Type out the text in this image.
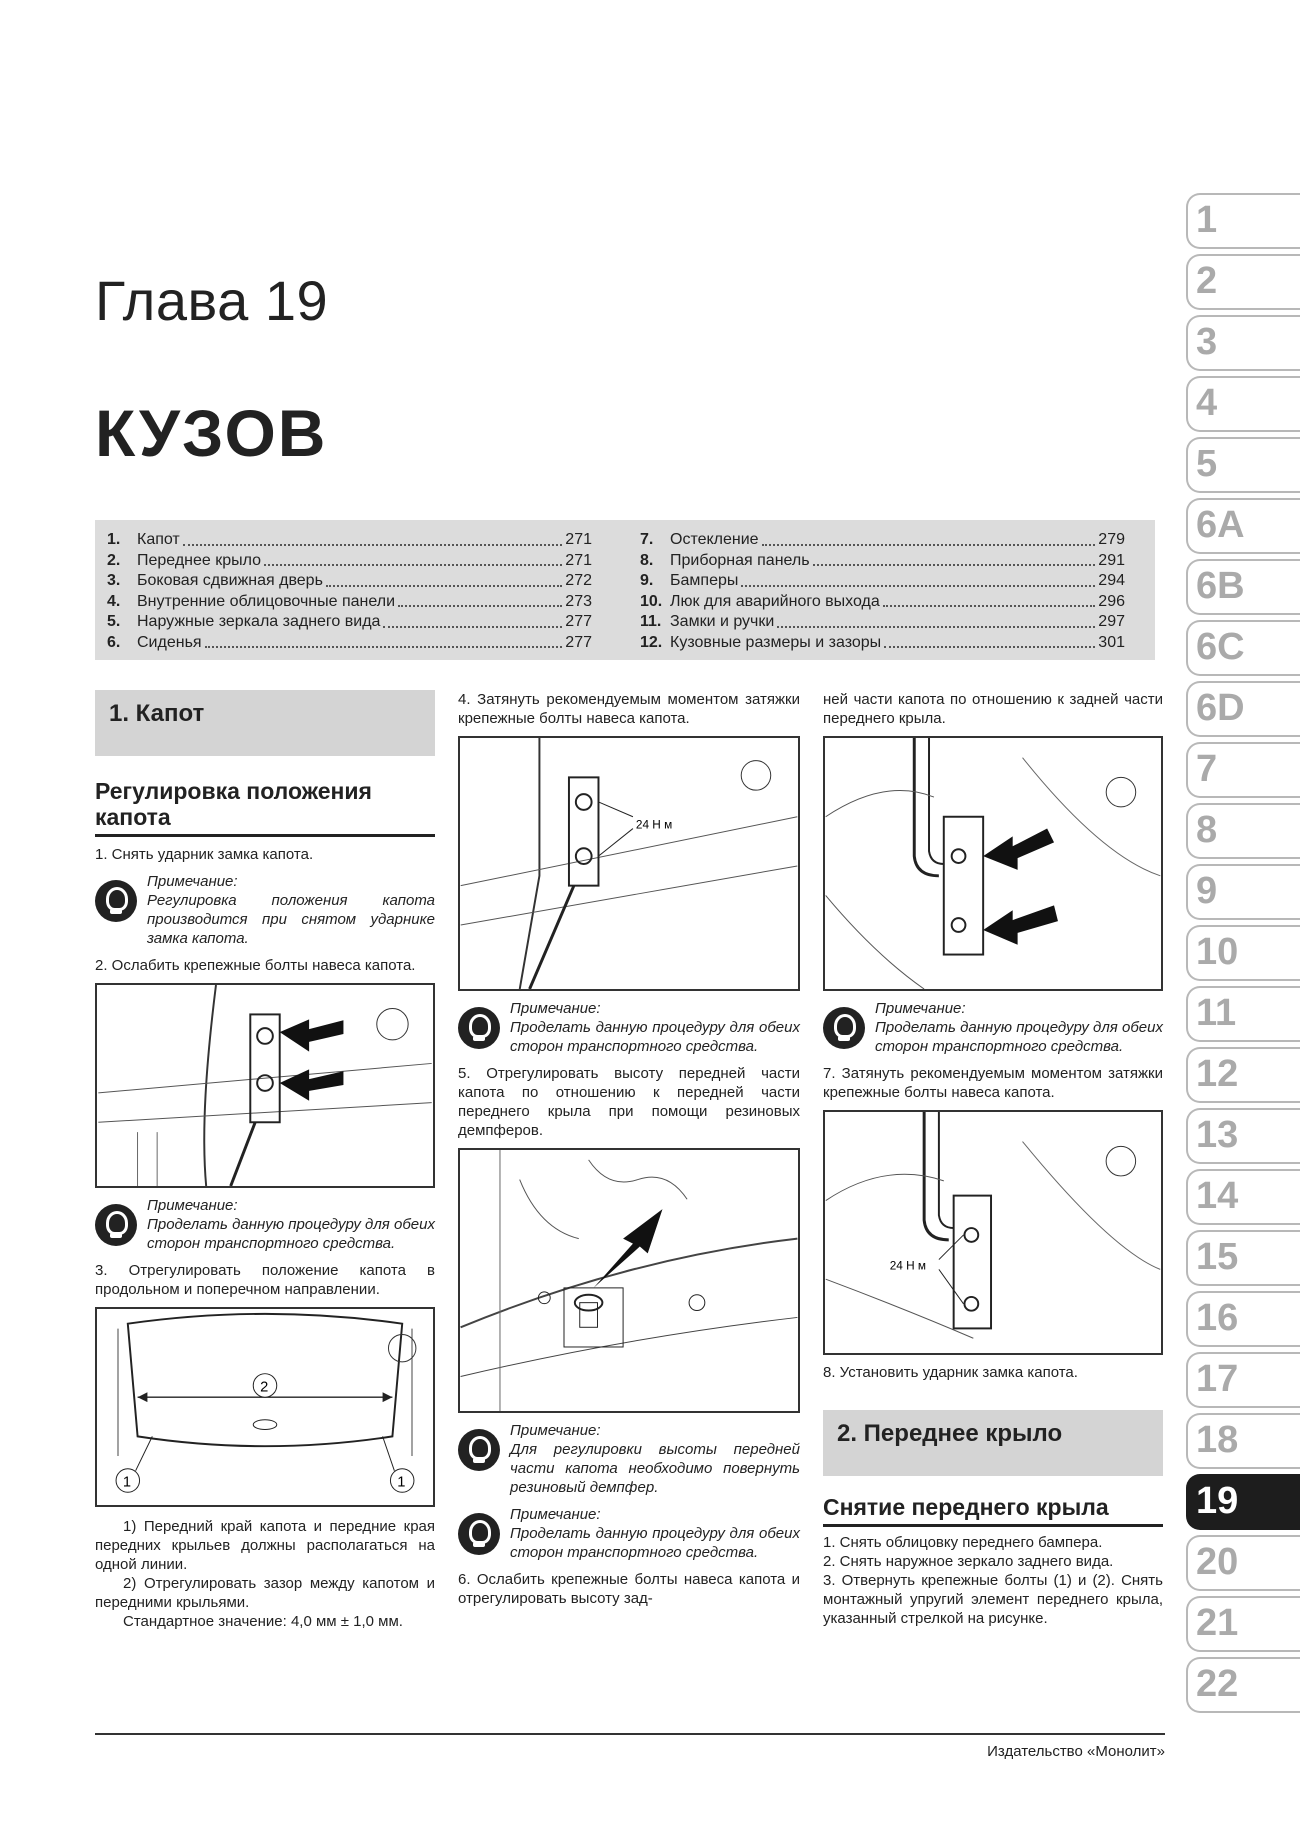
Глава 19
КУЗОВ
1.	Капот	271
2.	Переднее крыло	271
3.	Боковая сдвижная дверь	272
4.	Внутренние облицовочные панели	273
5.	Наружные зеркала заднего вида	277
6.	Сиденья	277
7.	Остекление	279
8.	Приборная панель	291
9.	Бамперы	294
10. Люк для аварийного выхода	296
11. Замки и ручки	297
12. Кузовные размеры и зазоры	301
1
2
3
4
5
6A
6B
6C
6D
7
8
9
10
11
12
13
14
15
16
17
18
19
20
21
22
1. Капот
Регулировка положения капота
1. Снять ударник замка капота.
Примечание:
Регулировка положения капота производится при снятом ударнике замка капота.
2. Ослабить крепежные болты навеса капота.
Примечание:
Проделать данную процедуру для обеих сторон транспортного средства.
3. Отрегулировать положение капота в продольном и поперечном направлении.
2
1	1
1) Передний край капота и передние края передних крыльев должны располагаться на одной линии.
2) Отрегулировать зазор между капотом и передними крыльями.
Стандартное значение: 4,0 мм ± 1,0 мм.
4. Затянуть рекомендуемым моментом затяжки крепежные болты навеса капота.
24 Н м
Примечание:
Проделать данную процедуру для обеих сторон транспортного средства.
5. Отрегулировать высоту передней части капота по отношению к передней части переднего крыла при помощи резиновых демпферов.
Примечание:
Для регулировки высоты передней части капота необходимо повернуть резиновый демпфер.
Примечание:
Проделать данную процедуру для обеих сторон транспортного средства.
6. Ослабить крепежные болты навеса капота и отрегулировать высоту зад-
ней части капота по отношению к задней части переднего крыла.
Примечание:
Проделать данную процедуру для обеих сторон транспортного средства.
7. Затянуть рекомендуемым моментом затяжки крепежные болты навеса капота.
24 Н м
8. Установить ударник замка капота.
2. Переднее крыло
Снятие переднего крыла
1. Снять облицовку переднего бампера.
2. Снять наружное зеркало заднего вида.
3. Отвернуть крепежные болты (1) и (2). Снять монтажный упругий элемент переднего крыла, указанный стрелкой на рисунке.
Издательство «Монолит»
